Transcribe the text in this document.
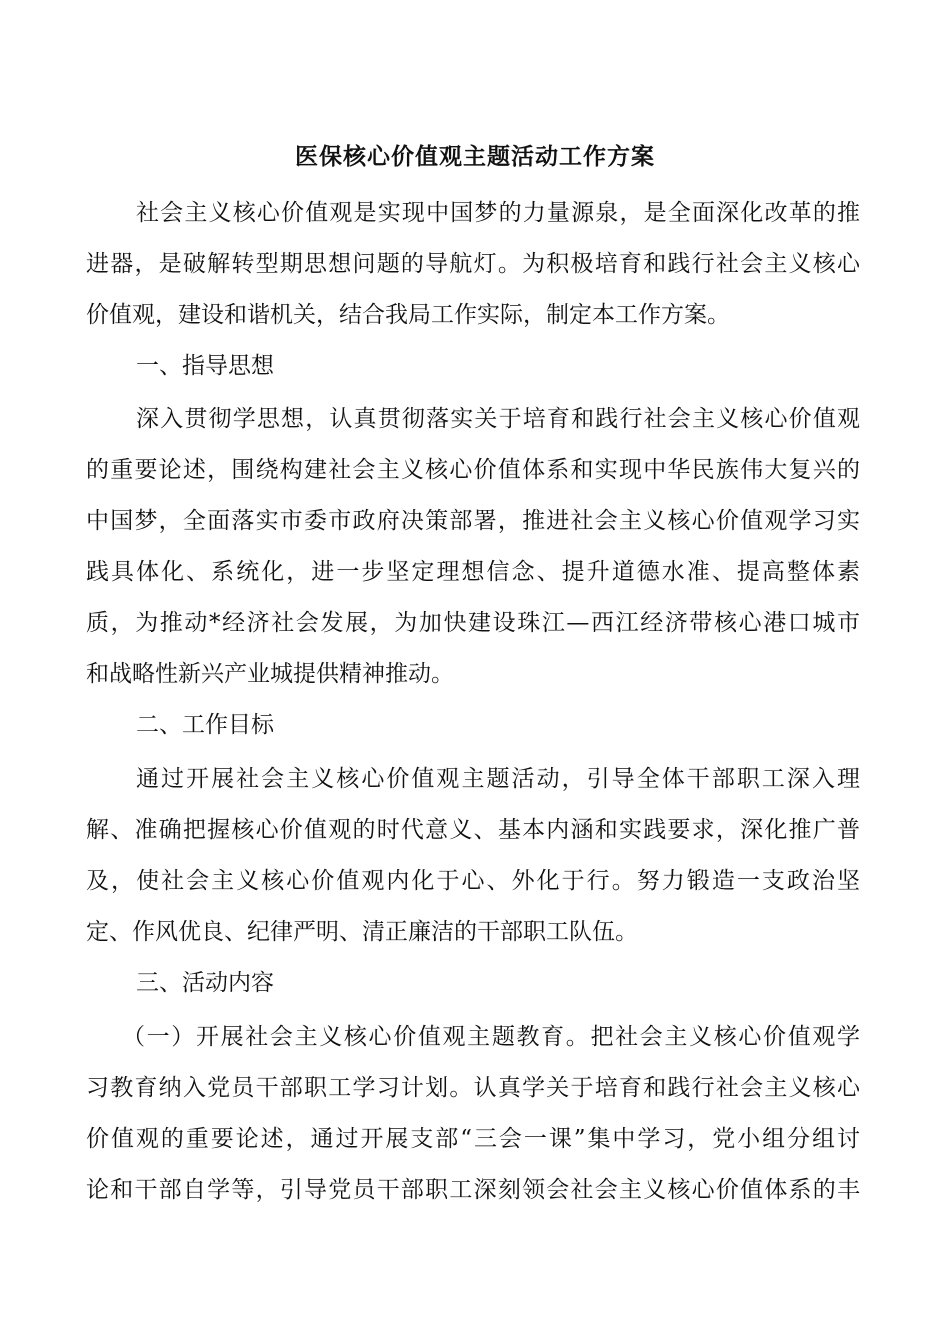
医保核心价值观主题活动工作方案

社会主义核心价值观是实现中国梦的力量源泉，是全面深化改革的推

进器，是破解转型期思想问题的导航灯。为积极培育和践行社会主义核心

价值观，建设和谐机关，结合我局工作实际，制定本工作方案。

一、指导思想

深入贯彻学思想，认真贯彻落实关于培育和践行社会主义核心价值观

的重要论述，围绕构建社会主义核心价值体系和实现中华民族伟大复兴的

中国梦，全面落实市委市政府决策部署，推进社会主义核心价值观学习实

践具体化、系统化，进一步坚定理想信念、提升道德水准、提高整体素

质，为推动*经济社会发展，为加快建设珠江—西江经济带核心港口城市

和战略性新兴产业城提供精神推动。

二、工作目标

通过开展社会主义核心价值观主题活动，引导全体干部职工深入理

解、准确把握核心价值观的时代意义、基本内涵和实践要求，深化推广普

及，使社会主义核心价值观内化于心、外化于行。努力锻造一支政治坚

定、作风优良、纪律严明、清正廉洁的干部职工队伍。

三、活动内容

（一）开展社会主义核心价值观主题教育。把社会主义核心价值观学

习教育纳入党员干部职工学习计划。认真学关于培育和践行社会主义核心

价值观的重要论述，通过开展支部“三会一课”集中学习，党小组分组讨

论和干部自学等，引导党员干部职工深刻领会社会主义核心价值体系的丰
